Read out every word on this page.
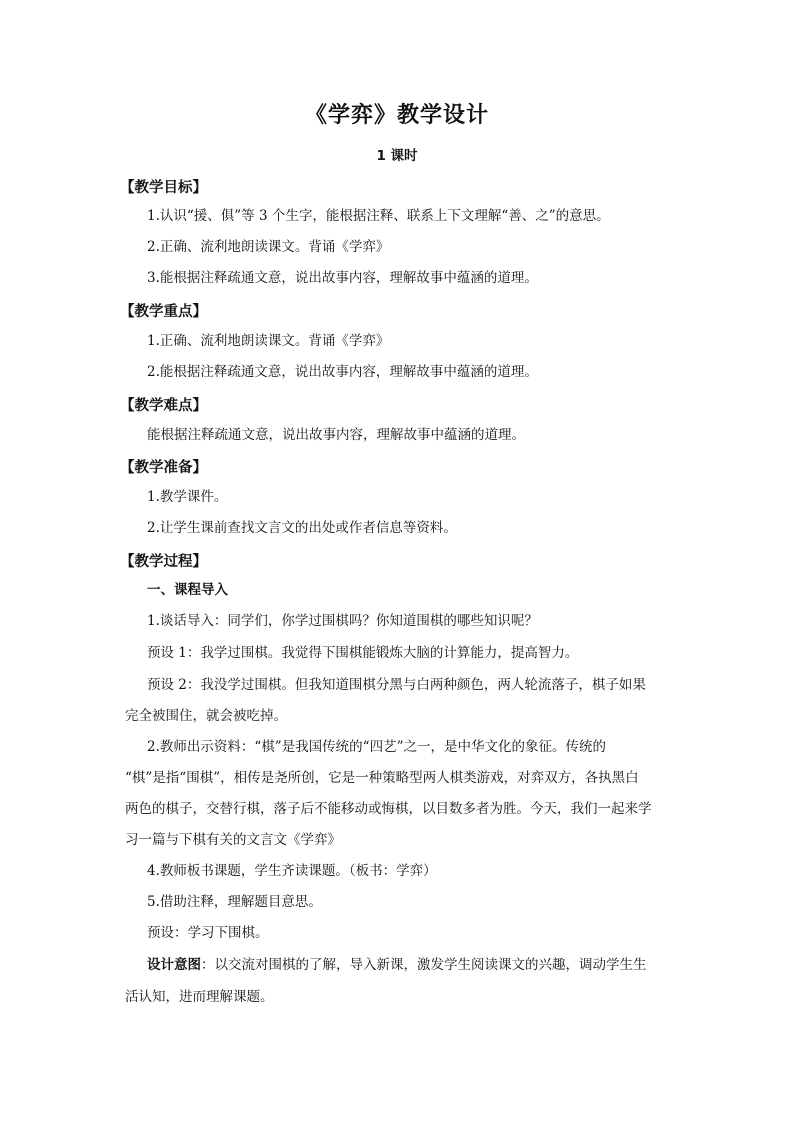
《学弈》教学设计
1 课时
【教学目标】
1.认识“援、俱”等 3 个生字，能根据注释、联系上下文理解“善、之”的意思。
2.正确、流利地朗读课文。背诵《学弈》
3.能根据注释疏通文意，说出故事内容，理解故事中蕴涵的道理。
【教学重点】
1.正确、流利地朗读课文。背诵《学弈》
2.能根据注释疏通文意，说出故事内容，理解故事中蕴涵的道理。
【教学难点】
能根据注释疏通文意，说出故事内容，理解故事中蕴涵的道理。
【教学准备】
1.教学课件。
2.让学生课前查找文言文的出处或作者信息等资料。
【教学过程】
一、课程导入
1.谈话导入：同学们，你学过围棋吗？你知道围棋的哪些知识呢？
预设 1：我学过围棋。我觉得下围棋能锻炼大脑的计算能力，提高智力。
预设 2：我没学过围棋。但我知道围棋分黑与白两种颜色，两人轮流落子，棋子如果
完全被围住，就会被吃掉。
2.教师出示资料：“棋”是我国传统的“四艺”之一，是中华文化的象征。传统的
“棋”是指“围棋”，相传是尧所创，它是一种策略型两人棋类游戏，对弈双方，各执黑白
两色的棋子，交替行棋，落子后不能移动或悔棋，以目数多者为胜。今天，我们一起来学
习一篇与下棋有关的文言文《学弈》
4.教师板书课题，学生齐读课题。（板书：学弈）
5.借助注释，理解题目意思。
预设：学习下围棋。
设计意图：以交流对围棋的了解，导入新课，激发学生阅读课文的兴趣，调动学生生
活认知，进而理解课题。
